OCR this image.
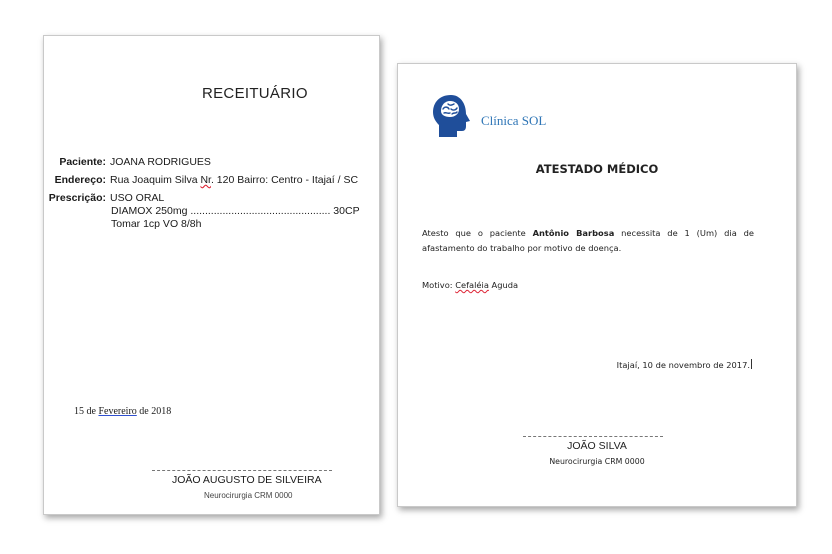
RECEITUÁRIO
Paciente: JOANA RODRIGUES
Endereço: Rua Joaquim Silva Nr. 120 Bairro: Centro - Itajaí / SC
Prescrição: USO ORAL
DIAMOX 250mg ................................................ 30CP
Tomar 1cp VO 8/8h
15 de Fevereiro de 2018
JOÃO AUGUSTO DE SILVEIRA
Neurocirurgia CRM 0000
Clínica SOL
ATESTADO MÉDICO
Atesto que o paciente Antônio Barbosa necessita de 1 (Um) dia de afastamento do trabalho por motivo de doença.
Motivo: Cefaléia Aguda
Itajaí, 10 de novembro de 2017.
JOÃO SILVA
Neurocirurgia CRM 0000
